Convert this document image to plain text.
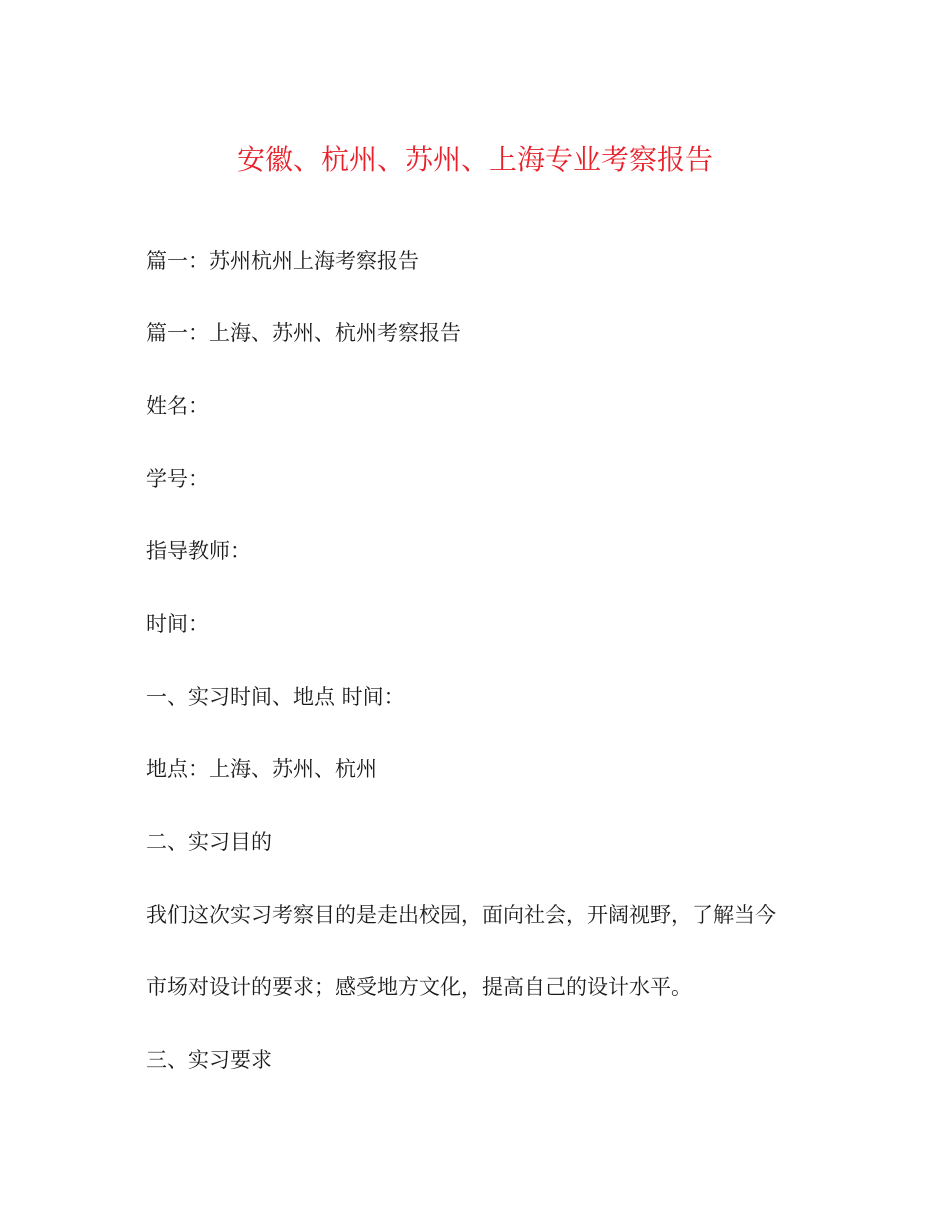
安徽、杭州、苏州、上海专业考察报告
篇一：苏州杭州上海考察报告
篇一：上海、苏州、杭州考察报告
姓名：
学号：
指导教师：
时间：
一、实习时间、地点 时间：
地点：上海、苏州、杭州
二、实习目的
我们这次实习考察目的是走出校园，面向社会，开阔视野，了解当今
市场对设计的要求；感受地方文化，提高自己的设计水平。
三、实习要求
